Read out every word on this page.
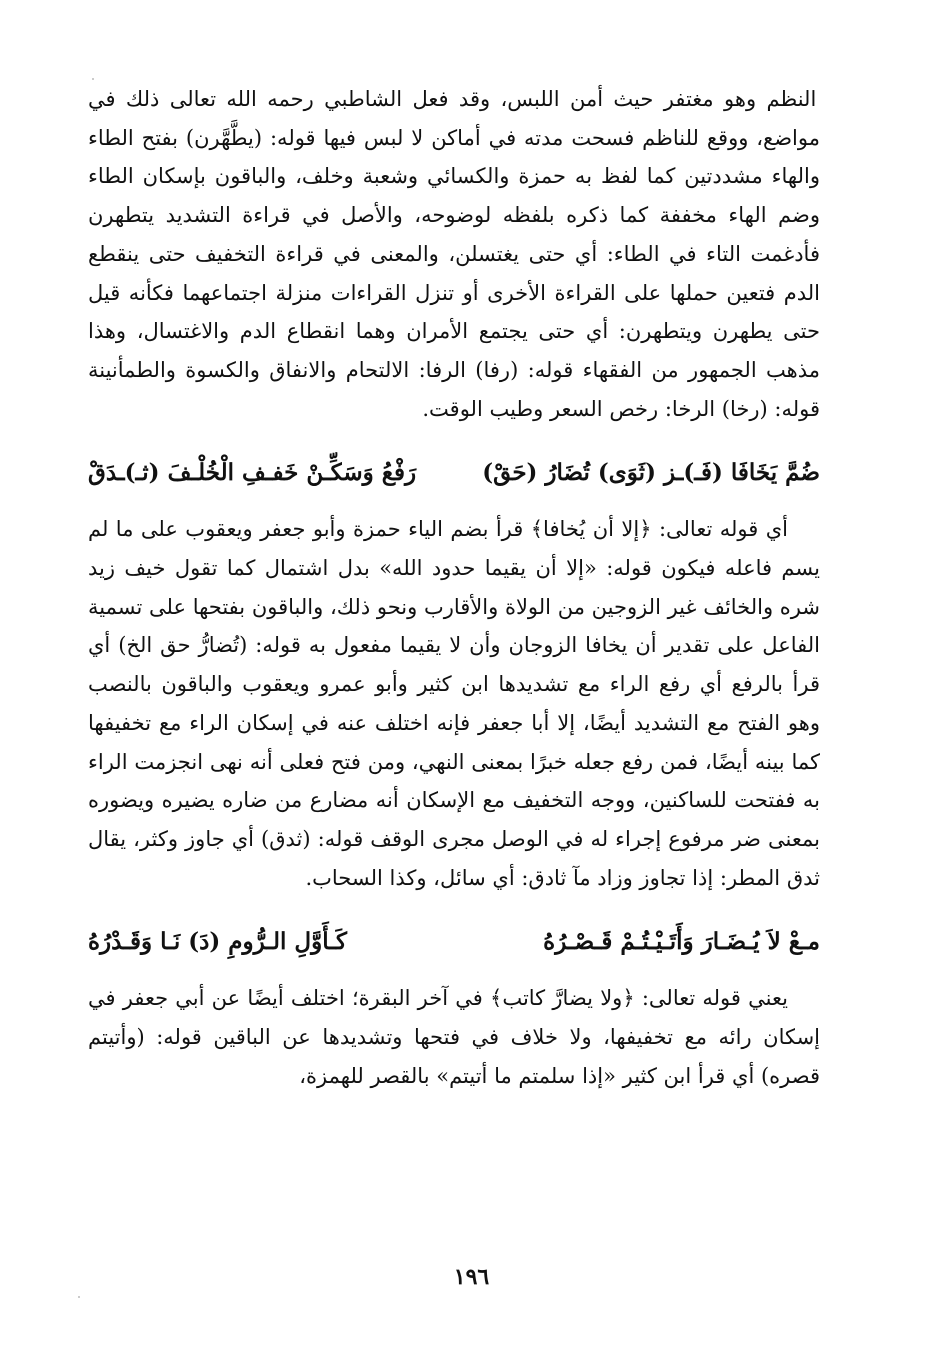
النظم وهو مغتفر حيث أمن اللبس، وقد فعل الشاطبي رحمه الله تعالى ذلك في مواضع، ووقع للناظم فسحت مدته في أماكن لا لبس فيها قوله: (يطَّهَّرن) بفتح الطاء والهاء مشددتين كما لفظ به حمزة والكسائي وشعبة وخلف، والباقون بإسكان الطاء وضم الهاء مخففة كما ذكره بلفظه لوضوحه، والأصل في قراءة التشديد يتطهرن فأدغمت التاء في الطاء: أي حتى يغتسلن، والمعنى في قراءة التخفيف حتى ينقطع الدم فتعين حملها على القراءة الأخرى أو تنزل القراءات منزلة اجتماعهما فكأنه قيل حتى يطهرن ويتطهرن: أي حتى يجتمع الأمران وهما انقطاع الدم والاغتسال، وهذا مذهب الجمهور من الفقهاء قوله: (رفا) الرفا: الالتحام والانفاق والكسوة والطمأنينة قوله: (رخا) الرخا: رخص السعر وطيب الوقت.

ضُمَّ يَخَافَا (فَـ)ـز (ثَوَى) تُضَارُ (حَقْ)
رَفْعُ وَسَكِّـنْ خَفـفِ الْخُلْـفَ (ثـ)ـدَقْ

أي قوله تعالى: ﴿إلا أن يُخافا﴾ قرأ بضم الياء حمزة وأبو جعفر ويعقوب على ما لم يسم فاعله فيكون قوله: «إلا أن يقيما حدود الله» بدل اشتمال كما تقول خيف زيد شره والخائف غير الزوجين من الولاة والأقارب ونحو ذلك، والباقون بفتحها على تسمية الفاعل على تقدير أن يخافا الزوجان وأن لا يقيما مفعول به قوله: (تُضارُّ حق الخ) أي قرأ بالرفع أي رفع الراء مع تشديدها ابن كثير وأبو عمرو ويعقوب والباقون بالنصب وهو الفتح مع التشديد أيضًا، إلا أبا جعفر فإنه اختلف عنه في إسكان الراء مع تخفيفها كما بينه أيضًا، فمن رفع جعله خبرًا بمعنى النهي، ومن فتح فعلى أنه نهى انجزمت الراء به ففتحت للساكنين، ووجه التخفيف مع الإسكان أنه مضارع من ضاره يضيره ويضوره بمعنى ضر مرفوع إجراء له في الوصل مجرى الوقف قوله: (ثدق) أي جاوز وكثر، يقال ثدق المطر: إذا تجاوز وزاد مآ ثادق: أي سائل، وكذا السحاب.

مـعْ لاَ يُـضَـارَ وَأَتَـيْـتُـمْ قَـصْـرُهُ
كَـأَوَّلِ الـرُّومِ (دَ) نَـا وَقَـدْرُهُ

يعني قوله تعالى: ﴿ولا يضارَّ كاتب﴾ في آخر البقرة؛ اختلف أيضًا عن أبي جعفر في إسكان رائه مع تخفيفها، ولا خلاف في فتحها وتشديدها عن الباقين قوله: (وأتيتم قصره) أي قرأ ابن كثير «إذا سلمتم ما أتيتم» بالقصر للهمزة،

١٩٦
